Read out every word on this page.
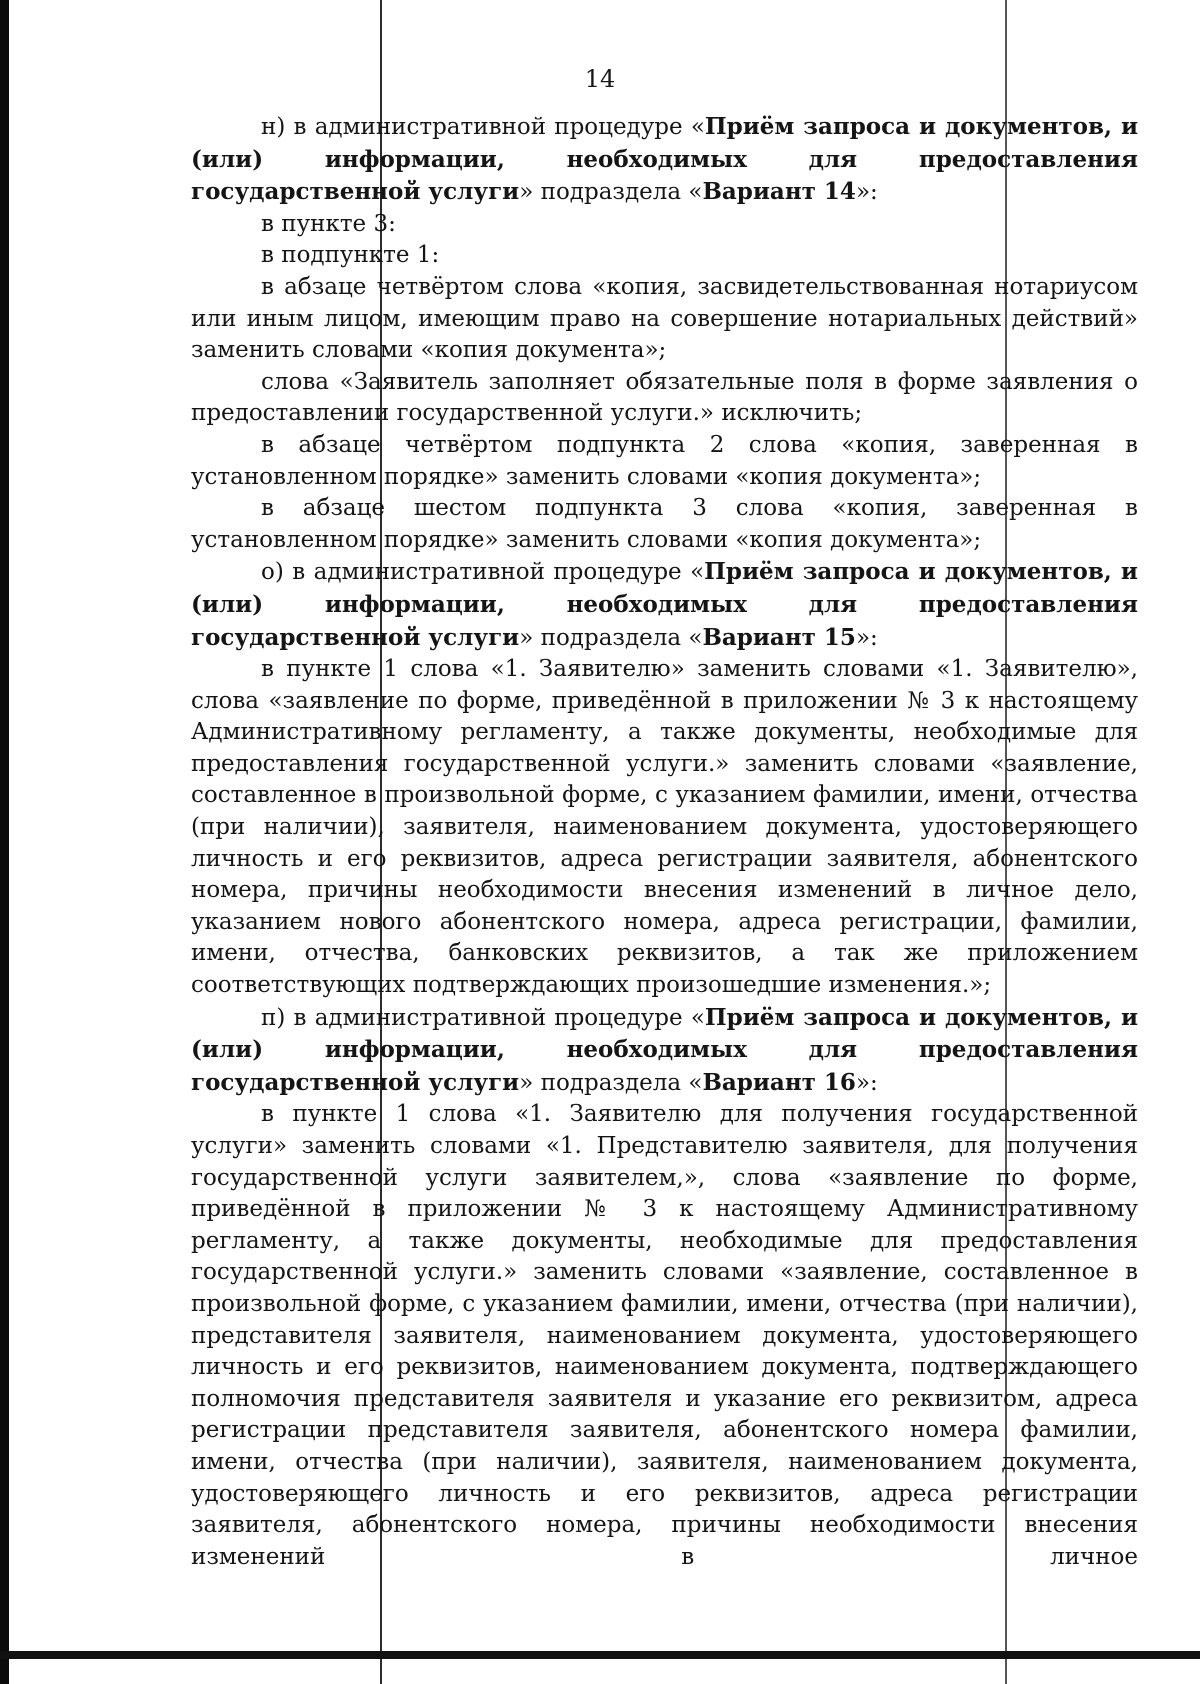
14

н) в административной процедуре «Приём запроса и документов, и (или) информации, необходимых для предоставления государственной услуги» подраздела «Вариант 14»:

в пункте 3:

в подпункте 1:

в абзаце четвёртом слова «копия, засвидетельствованная нотариусом или иным лицом, имеющим право на совершение нотариальных действий» заменить словами «копия документа»;

слова «Заявитель заполняет обязательные поля в форме заявления о предоставлении государственной услуги.» исключить;

в абзаце четвёртом подпункта 2 слова «копия, заверенная в установленном порядке» заменить словами «копия документа»;

в абзаце шестом подпункта 3 слова «копия, заверенная в установленном порядке» заменить словами «копия документа»;

о) в административной процедуре «Приём запроса и документов, и (или) информации, необходимых для предоставления государственной услуги» подраздела «Вариант 15»:

в пункте 1 слова «1. Заявителю» заменить словами «1. Заявителю», слова «заявление по форме, приведённой в приложении № 3 к настоящему Административному регламенту, а также документы, необходимые для предоставления государственной услуги.» заменить словами «заявление, составленное в произвольной форме, с указанием фамилии, имени, отчества (при наличии), заявителя, наименованием документа, удостоверяющего личность и его реквизитов, адреса регистрации заявителя, абонентского номера, причины необходимости внесения изменений в личное дело, указанием нового абонентского номера, адреса регистрации, фамилии, имени, отчества, банковских реквизитов, а так же приложением соответствующих подтверждающих произошедшие изменения.»;

п) в административной процедуре «Приём запроса и документов, и (или) информации, необходимых для предоставления государственной услуги» подраздела «Вариант 16»:

в пункте 1 слова «1. Заявителю для получения государственной услуги» заменить словами «1. Представителю заявителя, для получения государственной услуги заявителем,», слова «заявление по форме, приведённой в приложении № 3 к настоящему Административному регламенту, а также документы, необходимые для предоставления государственной услуги.» заменить словами «заявление, составленное в произвольной форме, с указанием фамилии, имени, отчества (при наличии), представителя заявителя, наименованием документа, удостоверяющего личность и его реквизитов, наименованием документа, подтверждающего полномочия представителя заявителя и указание его реквизитом, адреса регистрации представителя заявителя, абонентского номера фамилии, имени, отчества (при наличии), заявителя, наименованием документа, удостоверяющего личность и его реквизитов, адреса регистрации заявителя, абонентского номера, причины необходимости внесения изменений в личное
